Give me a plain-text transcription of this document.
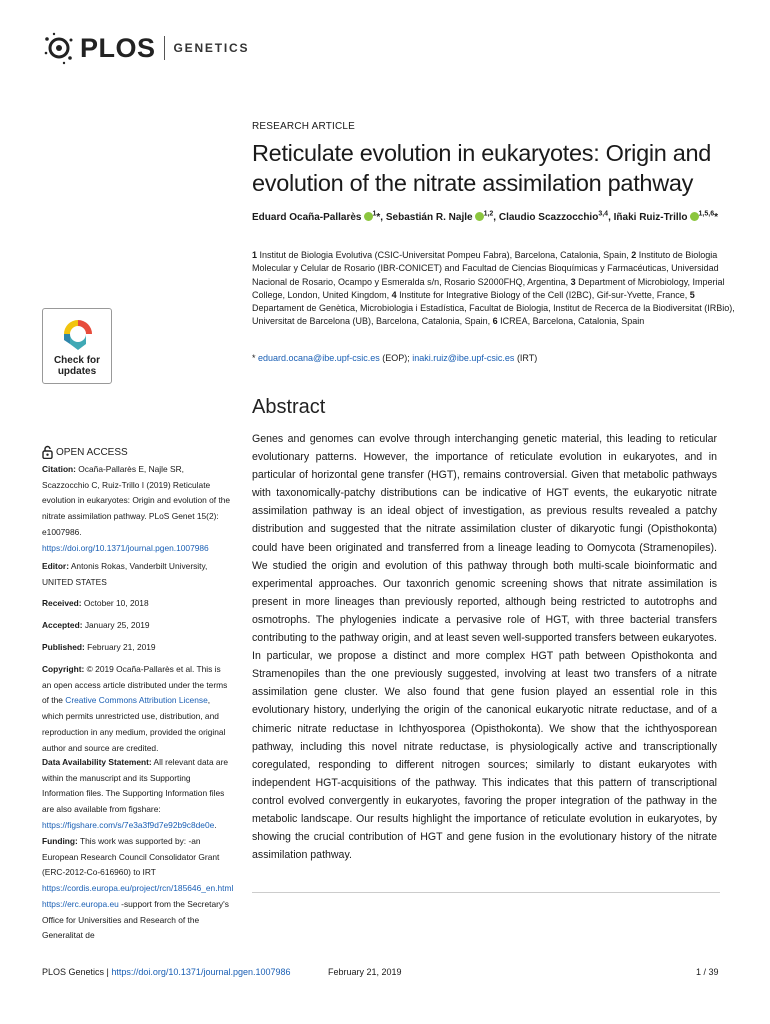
PLOS GENETICS
RESEARCH ARTICLE
Reticulate evolution in eukaryotes: Origin and evolution of the nitrate assimilation pathway
Eduard Ocaña-Pallarès $^1$*, Sebastián R. Najle $^{1,2}$, Claudio Scazzocchio$^{3,4}$, Iñaki Ruiz-Trillo $^{1,5,6}$*
1 Institut de Biologia Evolutiva (CSIC-Universitat Pompeu Fabra), Barcelona, Catalonia, Spain, 2 Instituto de Biologia Molecular y Celular de Rosario (IBR-CONICET) and Facultad de Ciencias Bioquímicas y Farmacéuticas, Universidad Nacional de Rosario, Ocampo y Esmeralda s/n, Rosario S2000FHQ, Argentina, 3 Department of Microbiology, Imperial College, London, United Kingdom, 4 Institute for Integrative Biology of the Cell (I2BC), Gif-sur-Yvette, France, 5 Departament de Genètica, Microbiologia i Estadística, Facultat de Biologia, Institut de Recerca de la Biodiversitat (IRBio), Universitat de Barcelona (UB), Barcelona, Catalonia, Spain, 6 ICREA, Barcelona, Catalonia, Spain
* eduard.ocana@ibe.upf-csic.es (EOP); inaki.ruiz@ibe.upf-csic.es (IRT)
Check for
updates
Abstract
Genes and genomes can evolve through interchanging genetic material, this leading to reticular evolutionary patterns. However, the importance of reticulate evolution in eukaryotes, and in particular of horizontal gene transfer (HGT), remains controversial. Given that metabolic pathways with taxonomically-patchy distributions can be indicative of HGT events, the eukaryotic nitrate assimilation pathway is an ideal object of investigation, as previous results revealed a patchy distribution and suggested that the nitrate assimilation cluster of dikaryotic fungi (Opisthokonta) could have been originated and transferred from a lineage leading to Oomycota (Stramenopiles). We studied the origin and evolution of this pathway through both multi-scale bioinformatic and experimental approaches. Our taxonrich genomic screening shows that nitrate assimilation is present in more lineages than previously reported, although being restricted to autotrophs and osmotrophs. The phylogenies indicate a pervasive role of HGT, with three bacterial transfers contributing to the pathway origin, and at least seven well-supported transfers between eukaryotes. In particular, we propose a distinct and more complex HGT path between Opisthokonta and Stramenopiles than the one previously suggested, involving at least two transfers of a nitrate assimilation gene cluster. We also found that gene fusion played an essential role in this evolutionary history, underlying the origin of the canonical eukaryotic nitrate reductase, and of a chimeric nitrate reductase in Ichthyosporea (Opisthokonta). We show that the ichthyosporean pathway, including this novel nitrate reductase, is physiologically active and transcriptionally coregulated, responding to different nitrogen sources; similarly to distant eukaryotes with independent HGT-acquisitions of the pathway. This indicates that this pattern of transcriptional control evolved convergently in eukaryotes, favoring the proper integration of the pathway in the metabolic landscape. Our results highlight the importance of reticulate evolution in eukaryotes, by showing the crucial contribution of HGT and gene fusion in the evolutionary history of the nitrate assimilation pathway.
OPEN ACCESS
Citation: Ocaña-Pallarès E, Najle SR, Scazzocchio C, Ruiz-Trillo I (2019) Reticulate evolution in eukaryotes: Origin and evolution of the nitrate assimilation pathway. PLoS Genet 15(2): e1007986. https://doi.org/10.1371/journal.pgen.1007986
Editor: Antonis Rokas, Vanderbilt University, UNITED STATES
Received: October 10, 2018
Accepted: January 25, 2019
Published: February 21, 2019
Copyright: © 2019 Ocaña-Pallarès et al. This is an open access article distributed under the terms of the Creative Commons Attribution License, which permits unrestricted use, distribution, and reproduction in any medium, provided the original author and source are credited.
Data Availability Statement: All relevant data are within the manuscript and its Supporting Information files. The Supporting Information files are also available from figshare: https://figshare.com/s/7e3a3f9d7e92b9c8de0e.
Funding: This work was supported by: -an European Research Council Consolidator Grant (ERC-2012-Co-616960) to IRT https://cordis.europa.eu/project/rcn/185646_en.html https://erc.europa.eu -support from the Secretary's Office for Universities and Research of the Generalitat de
PLOS Genetics | https://doi.org/10.1371/journal.pgen.1007986	February 21, 2019	1 / 39
